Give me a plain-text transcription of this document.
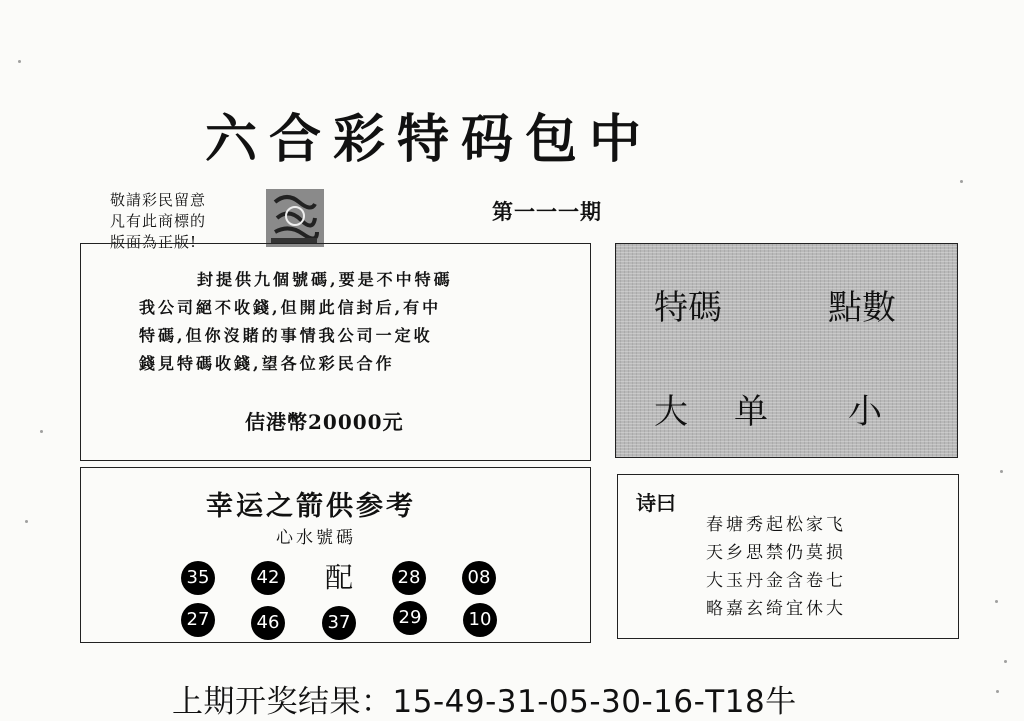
六合彩特码包中
敬請彩民留意
凡有此商標的
版面為正版!
第一一一期

封提供九個號碼,要是不中特碼

我公司絕不收錢,但開此信封后,有中

特碼,但你沒賭的事情我公司一定收

錢見特碼收錢,望各位彩民合作

佶港幣20000元
特碼	點數
大 单 小
幸运之箭供参考
心水號碼
35	42 配	28	08
27	46	37	29	10
诗曰

春塘秀起松家飞

天乡思禁仍莫损

大玉丹金含卷七

略嘉玄绮宜休大

上期开奖结果：15-49-31-05-30-16-T18牛
